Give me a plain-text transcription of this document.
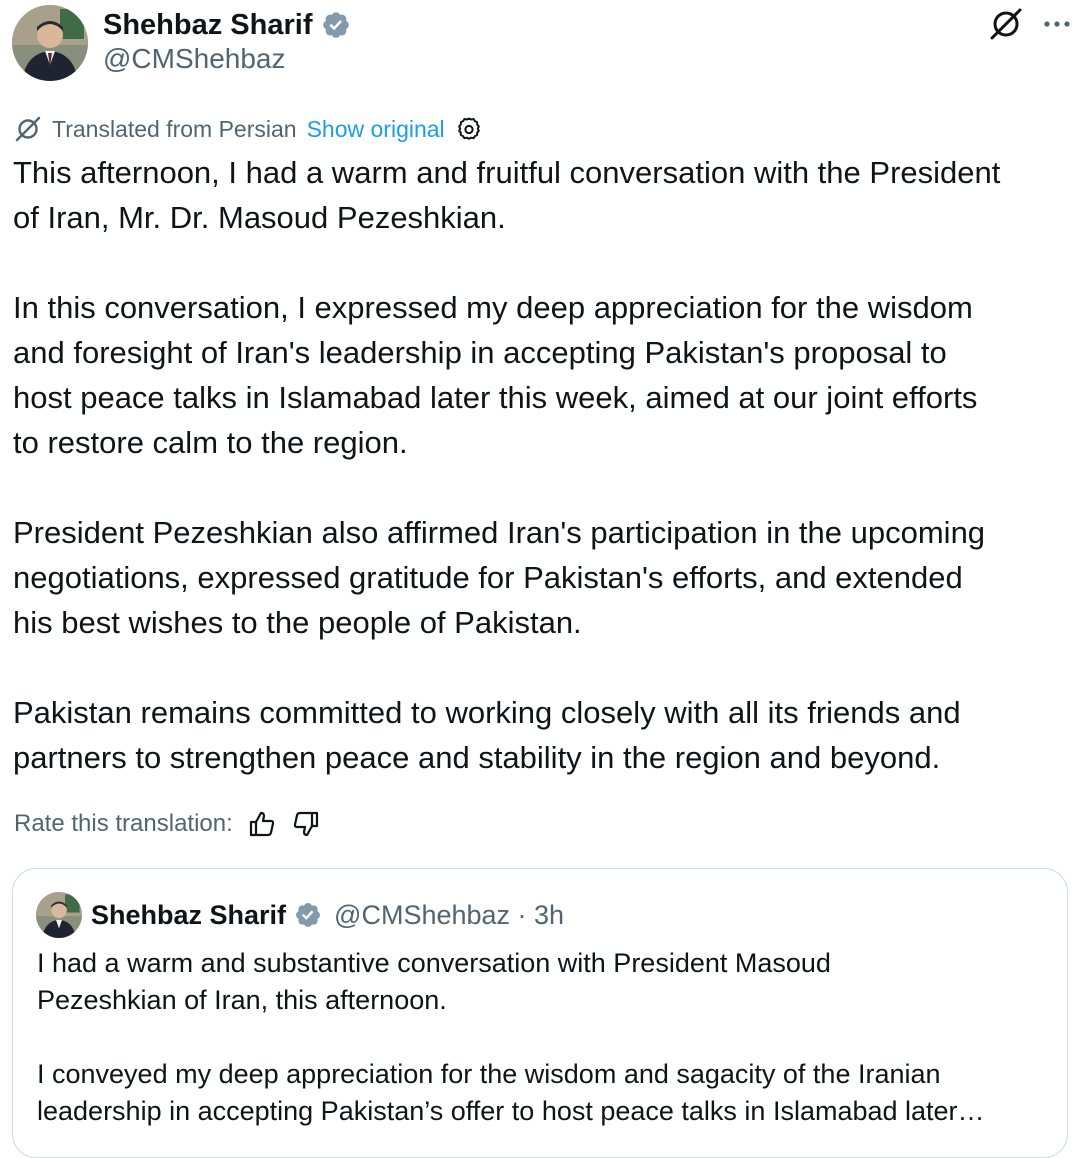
Shehbaz Sharif
@CMShehbaz
Translated from Persian Show original

This afternoon, I had a warm and fruitful conversation with the President
of Iran, Mr. Dr. Masoud Pezeshkian.

In this conversation, I expressed my deep appreciation for the wisdom
and foresight of Iran's leadership in accepting Pakistan's proposal to
host peace talks in Islamabad later this week, aimed at our joint efforts
to restore calm to the region.

President Pezeshkian also affirmed Iran's participation in the upcoming
negotiations, expressed gratitude for Pakistan's efforts, and extended
his best wishes to the people of Pakistan.

Pakistan remains committed to working closely with all its friends and
partners to strengthen peace and stability in the region and beyond.

Rate this translation:
Shehbaz Sharif @CMShehbaz · 3h

I had a warm and substantive conversation with President Masoud
Pezeshkian of Iran, this afternoon.

I conveyed my deep appreciation for the wisdom and sagacity of the Iranian
leadership in accepting Pakistan’s offer to host peace talks in Islamabad later…
